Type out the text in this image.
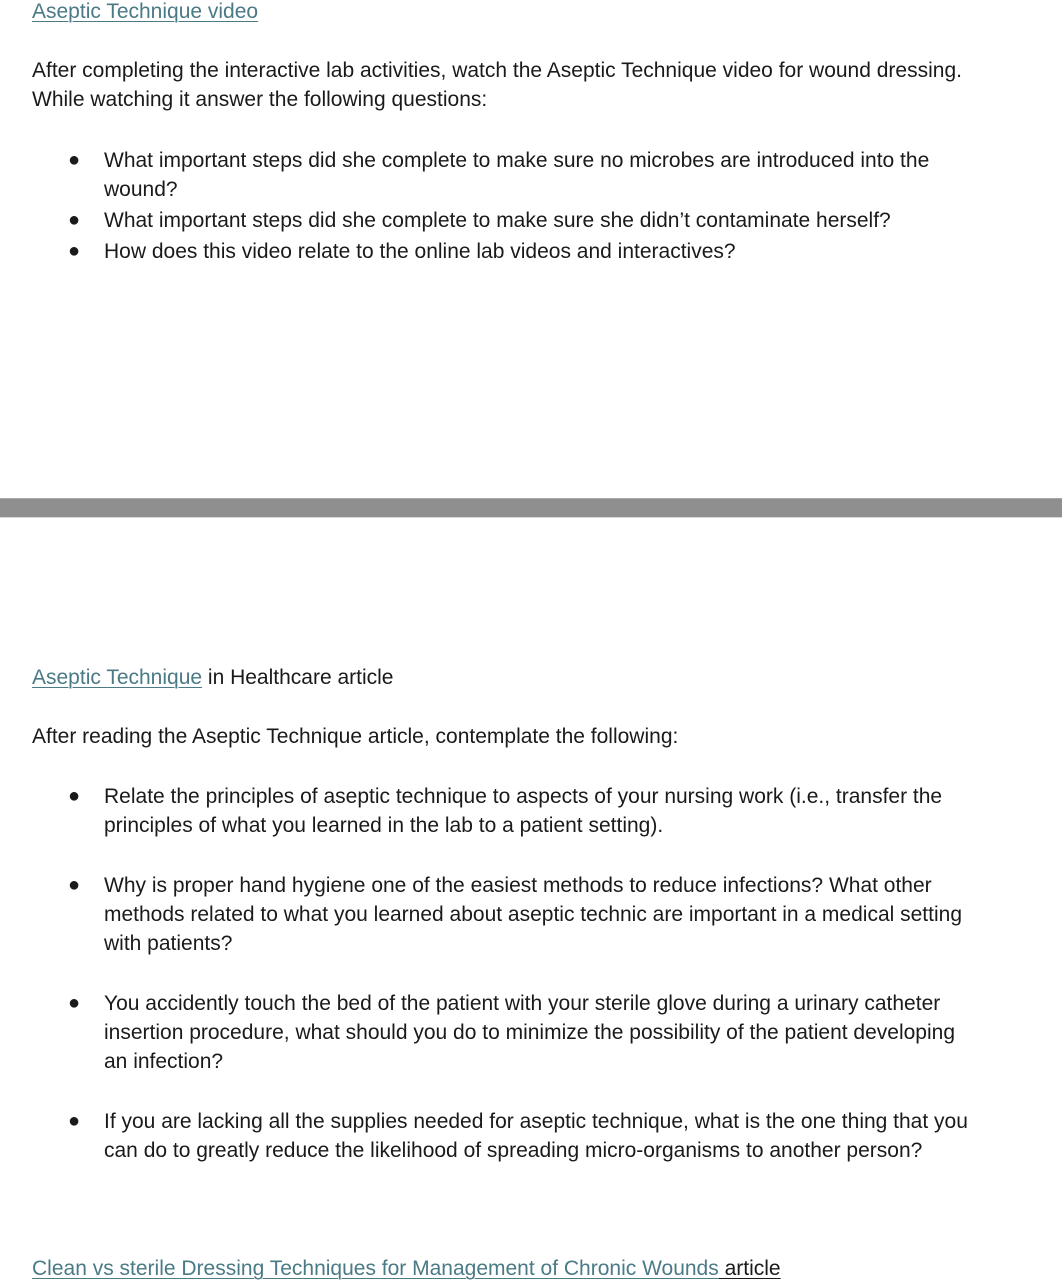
Aseptic Technique video

After completing the interactive lab activities, watch the Aseptic Technique video for wound dressing. While watching it answer the following questions:

● What important steps did she complete to make sure no microbes are introduced into the wound?
● What important steps did she complete to make sure she didn’t contaminate herself?
● How does this video relate to the online lab videos and interactives?
Aseptic Technique in Healthcare article

After reading the Aseptic Technique article, contemplate the following:

● Relate the principles of aseptic technique to aspects of your nursing work (i.e., transfer the principles of what you learned in the lab to a patient setting).
● Why is proper hand hygiene one of the easiest methods to reduce infections? What other methods related to what you learned about aseptic technic are important in a medical setting with patients?
● You accidently touch the bed of the patient with your sterile glove during a urinary catheter insertion procedure, what should you do to minimize the possibility of the patient developing an infection?
● If you are lacking all the supplies needed for aseptic technique, what is the one thing that you can do to greatly reduce the likelihood of spreading micro-organisms to another person?
Clean vs sterile Dressing Techniques for Management of Chronic Wounds article
